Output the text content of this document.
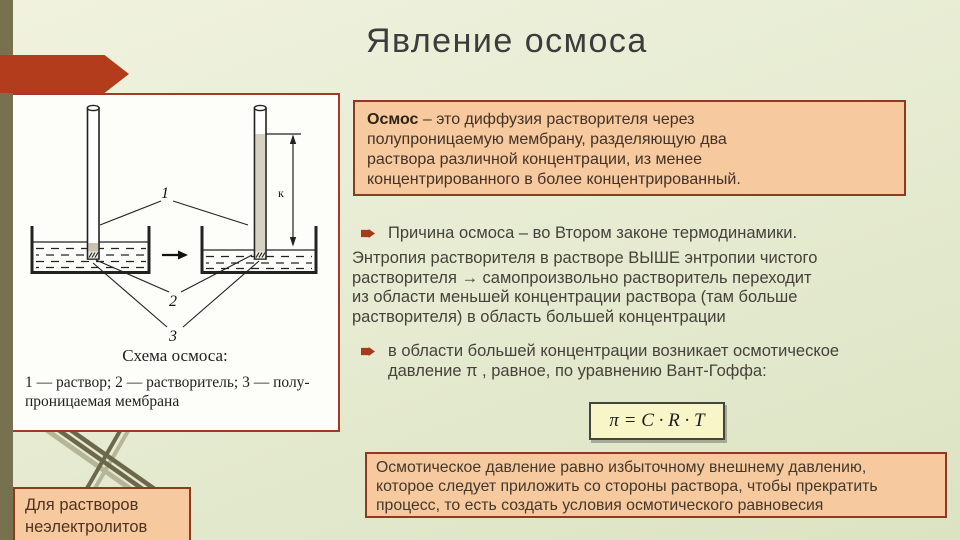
Явление осмоса
к
1
2
3
Схема осмоса:
1 — раствор; 2 — растворитель; 3 — полу-
проницаемая мембрана
Осмос – это диффузия растворителя через
полупроницаемую мембрану, разделяющую два
раствора различной концентрации, из менее
концентрированного в более концентрированный.
Причина осмоса – во Втором законе термодинамики.
Энтропия растворителя в растворе ВЫШЕ энтропии чистого
растворителя → самопроизвольно растворитель переходит
из области меньшей концентрации раствора (там больше
растворителя) в область большей концентрации
в области большей концентрации возникает осмотическое
давление π , равное, по уравнению Вант-Гоффа:
π = C · R · T
Осмотическое давление равно избыточному внешнему давлению,
которое следует приложить со стороны раствора, чтобы прекратить
процесс, то есть создать условия осмотического равновесия
Для растворов
неэлектролитов
